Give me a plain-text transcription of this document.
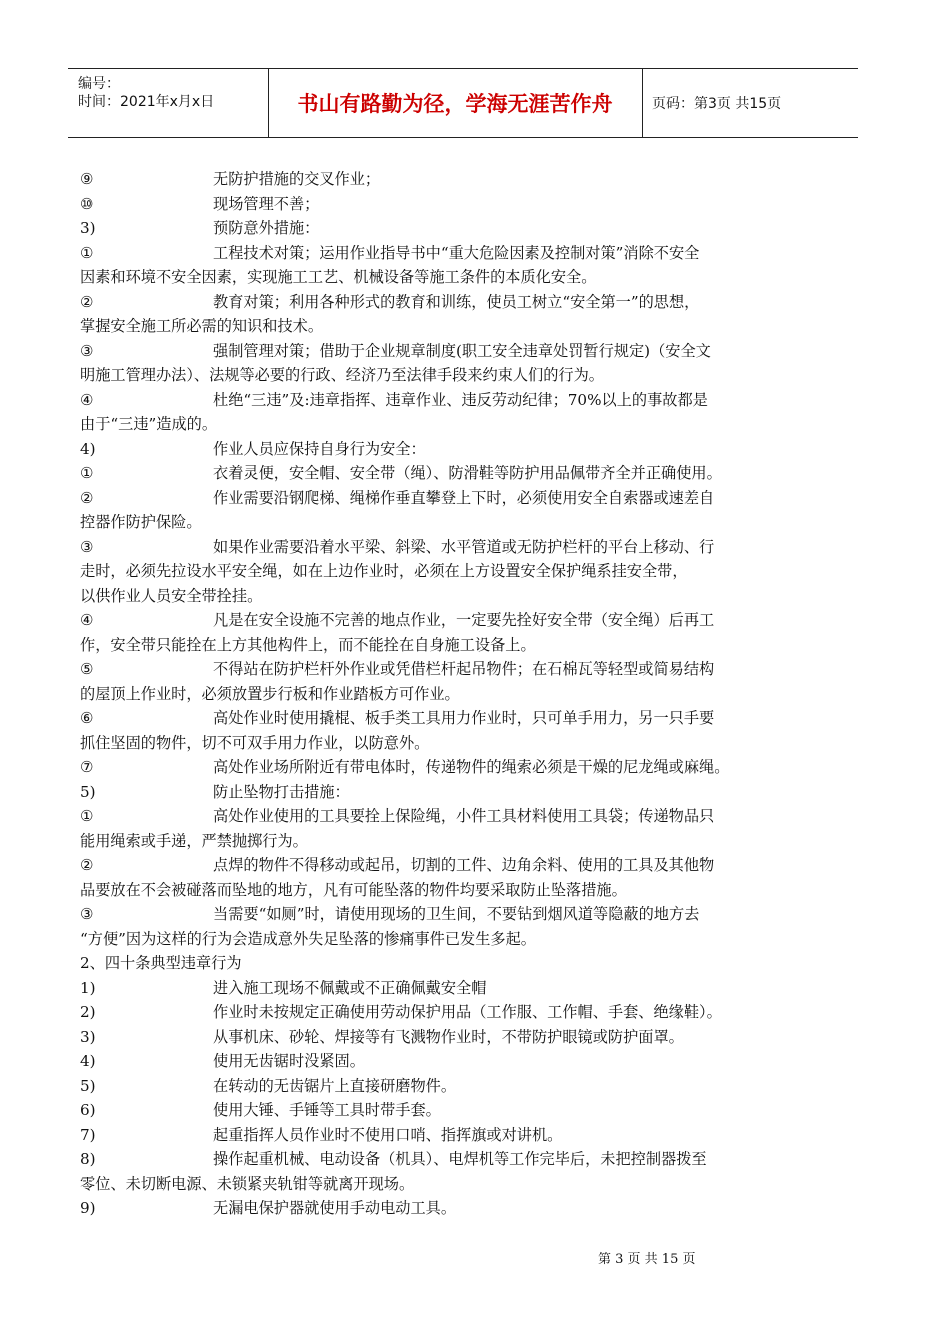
编号：
时间：2021年x月x日	书山有路勤为径，学海无涯苦作舟	页码：第3页 共15页
⑨	无防护措施的交叉作业；
⑩	现场管理不善；
3)	预防意外措施：
①	工程技术对策；运用作业指导书中“重大危险因素及控制对策”消除不安全
因素和环境不安全因素，实现施工工艺、机械设备等施工条件的本质化安全。
②	教育对策；利用各种形式的教育和训练，使员工树立“安全第一”的思想，
掌握安全施工所必需的知识和技术。
③	强制管理对策；借助于企业规章制度(职工安全违章处罚暂行规定)（安全文
明施工管理办法）、法规等必要的行政、经济乃至法律手段来约束人们的行为。
④	杜绝“三违”及:违章指挥、违章作业、违反劳动纪律；70%以上的事故都是
由于“三违”造成的。
4)	作业人员应保持自身行为安全：
①	衣着灵便，安全帽、安全带（绳）、防滑鞋等防护用品佩带齐全并正确使用。
②	作业需要沿钢爬梯、绳梯作垂直攀登上下时，必须使用安全自索器或速差自
控器作防护保险。
③	如果作业需要沿着水平梁、斜梁、水平管道或无防护栏杆的平台上移动、行
走时，必须先拉设水平安全绳，如在上边作业时，必须在上方设置安全保护绳系挂安全带，
以供作业人员安全带拴挂。
④	凡是在安全设施不完善的地点作业，一定要先拴好安全带（安全绳）后再工
作，安全带只能拴在上方其他构件上，而不能拴在自身施工设备上。
⑤	不得站在防护栏杆外作业或凭借栏杆起吊物件；在石棉瓦等轻型或简易结构
的屋顶上作业时，必须放置步行板和作业踏板方可作业。
⑥	高处作业时使用撬棍、板手类工具用力作业时，只可单手用力，另一只手要
抓住坚固的物件，切不可双手用力作业，以防意外。
⑦	高处作业场所附近有带电体时，传递物件的绳索必须是干燥的尼龙绳或麻绳。
5)	防止坠物打击措施：
①	高处作业使用的工具要拴上保险绳，小件工具材料使用工具袋；传递物品只
能用绳索或手递，严禁抛掷行为。
②	点焊的物件不得移动或起吊，切割的工件、边角余料、使用的工具及其他物
品要放在不会被碰落而坠地的地方，凡有可能坠落的物件均要采取防止坠落措施。
③	当需要“如厕”时，请使用现场的卫生间，不要钻到烟风道等隐蔽的地方去
“方便”因为这样的行为会造成意外失足坠落的惨痛事件已发生多起。
2、四十条典型违章行为
1)	进入施工现场不佩戴或不正确佩戴安全帽
2)	作业时未按规定正确使用劳动保护用品（工作服、工作帽、手套、绝缘鞋）。
3)	从事机床、砂轮、焊接等有飞溅物作业时，不带防护眼镜或防护面罩。
4)	使用无齿锯时没紧固。
5)	在转动的无齿锯片上直接研磨物件。
6)	使用大锤、手锤等工具时带手套。
7)	起重指挥人员作业时不使用口哨、指挥旗或对讲机。
8)	操作起重机械、电动设备（机具）、电焊机等工作完毕后，未把控制器拨至
零位、未切断电源、未锁紧夹轨钳等就离开现场。
9)	无漏电保护器就使用手动电动工具。
第 3 页 共 15 页
